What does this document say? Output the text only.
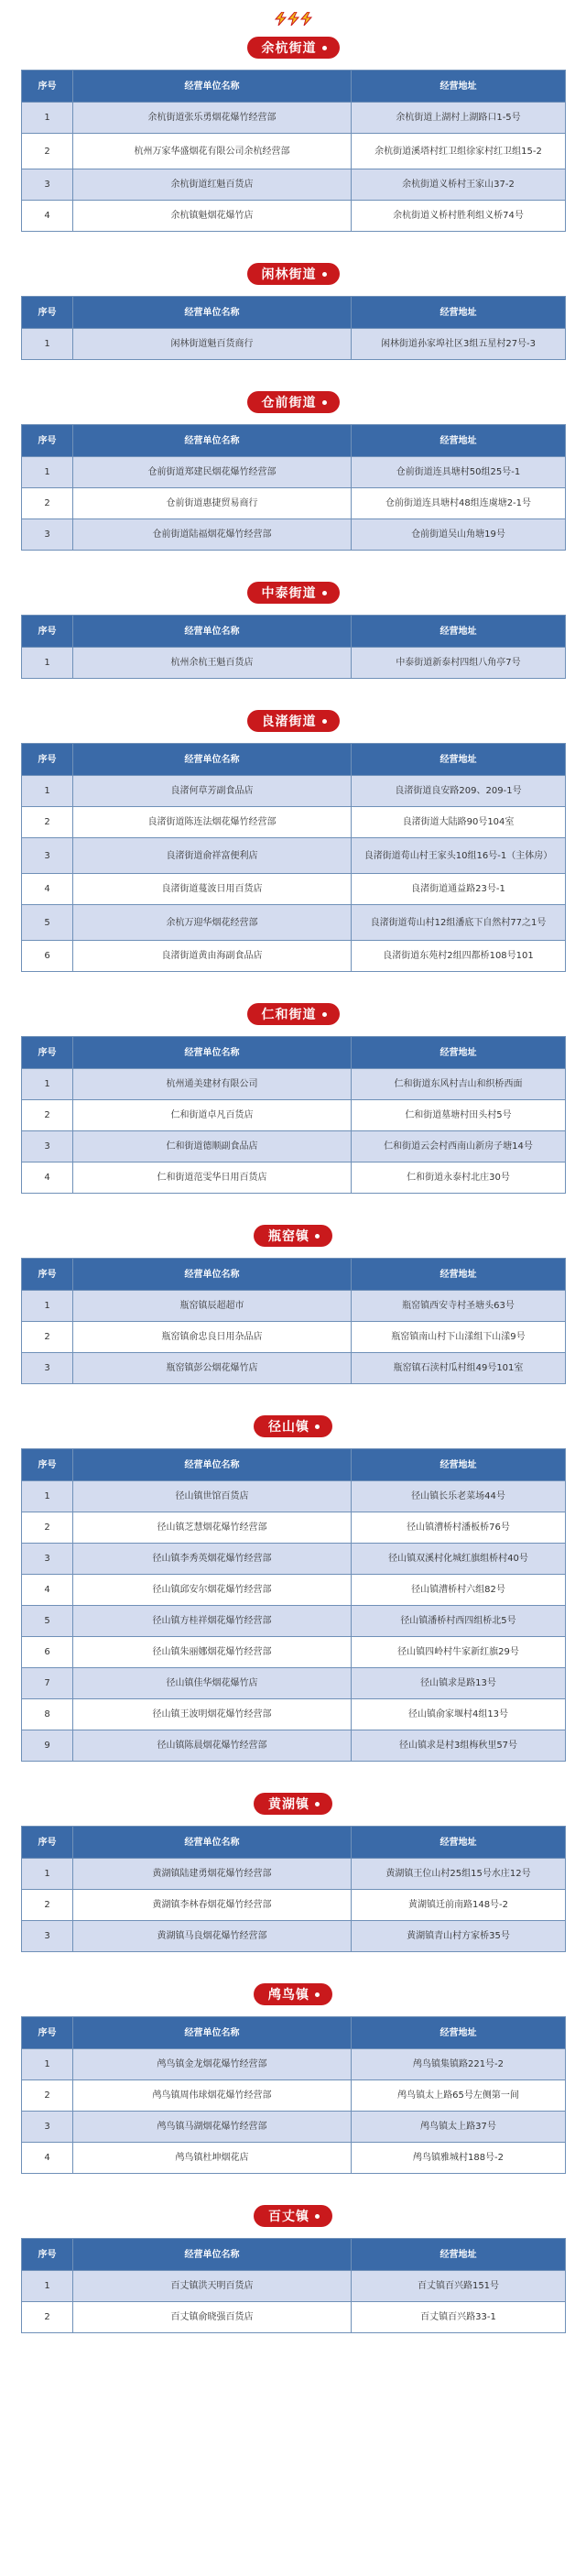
余杭街道
序号	经营单位名称	经营地址
1	余杭街道张乐勇烟花爆竹经营部	余杭街道上湖村上湖路口1-5号
2	杭州万家华盛烟花有限公司余杭经营部	余杭街道溪塔村红卫组徐家村红卫组15-2
3	余杭街道红魁百货店	余杭街道义桥村王家山37-2
4	余杭镇魁烟花爆竹店	余杭街道义桥村胜利组义桥74号
闲林街道
序号	经营单位名称	经营地址
1	闲林街道魁百货商行	闲林街道孙家埠社区3组五星村27号-3
仓前街道
序号	经营单位名称	经营地址
1	仓前街道郑建民烟花爆竹经营部	仓前街道连具塘村50组25号-1
2	仓前街道惠捷贸易商行	仓前街道连具塘村48组连虞塘2-1号
3	仓前街道陆福烟花爆竹经营部	仓前街道吴山角塘19号
中泰街道
序号	经营单位名称	经营地址
1	杭州余杭王魁百货店	中泰街道新泰村四组八角亭7号
良渚街道
序号	经营单位名称	经营地址
1	良渚何草芳副食品店	良渚街道良安路209、209-1号
2	良渚街道陈连法烟花爆竹经营部	良渚街道大陆路90号104室
3	良渚街道俞祥富便利店	良渚街道荀山村王家头10组16号-1（主体房）
4	良渚街道蔓波日用百货店	良渚街道通益路23号-1
5	余杭万迎华烟花经营部	良渚街道荀山村12组潘底下自然村77之1号
6	良渚街道黄由海副食品店	良渚街道东苑村2组四都桥108号101
仁和街道
序号	经营单位名称	经营地址
1	杭州通美建材有限公司	仁和街道东风村吉山和织桥西面
2	仁和街道卓凡百货店	仁和街道墓塘村田头村5号
3	仁和街道德顺副食品店	仁和街道云会村西南山新房子塘14号
4	仁和街道范雯华日用百货店	仁和街道永泰村北庄30号
瓶窑镇
序号	经营单位名称	经营地址
1	瓶窑镇辰超超市	瓶窑镇西安寺村圣塘头63号
2	瓶窑镇俞忠良日用杂品店	瓶窑镇南山村下山漾组下山漾9号
3	瓶窑镇彭公烟花爆竹店	瓶窑镇石渎村瓜村组49号101室
径山镇
序号	经营单位名称	经营地址
1	径山镇世馆百货店	径山镇长乐老菜场44号
2	径山镇芝慧烟花爆竹经营部	径山镇漕桥村潘板桥76号
3	径山镇李秀英烟花爆竹经营部	径山镇双溪村化城红旗组桥村40号
4	径山镇邱安尔烟花爆竹经营部	径山镇漕桥村六组82号
5	径山镇方桂祥烟花爆竹经营部	径山镇潘桥村西四组桥北5号
6	径山镇朱丽娜烟花爆竹经营部	径山镇四岭村牛家新红旗29号
7	径山镇佳华烟花爆竹店	径山镇求是路13号
8	径山镇王波明烟花爆竹经营部	径山镇俞家堰村4组13号
9	径山镇陈晨烟花爆竹经营部	径山镇求是村3组梅秋里57号
黄湖镇
序号	经营单位名称	经营地址
1	黄湖镇陆建勇烟花爆竹经营部	黄湖镇王位山村25组15号水庄12号
2	黄湖镇李林春烟花爆竹经营部	黄湖镇迁前南路148号-2
3	黄湖镇马良烟花爆竹经营部	黄湖镇青山村方家桥35号
鸬鸟镇
序号	经营单位名称	经营地址
1	鸬鸟镇金龙烟花爆竹经营部	鸬鸟镇集镇路221号-2
2	鸬鸟镇周伟球烟花爆竹经营部	鸬鸟镇太上路65号左侧第一间
3	鸬鸟镇马湖烟花爆竹经营部	鸬鸟镇太上路37号
4	鸬鸟镇杜坤烟花店	鸬鸟镇雅城村188号-2
百丈镇
序号	经营单位名称	经营地址
1	百丈镇洪天明百货店	百丈镇百兴路151号
2	百丈镇俞晓强百货店	百丈镇百兴路33-1
